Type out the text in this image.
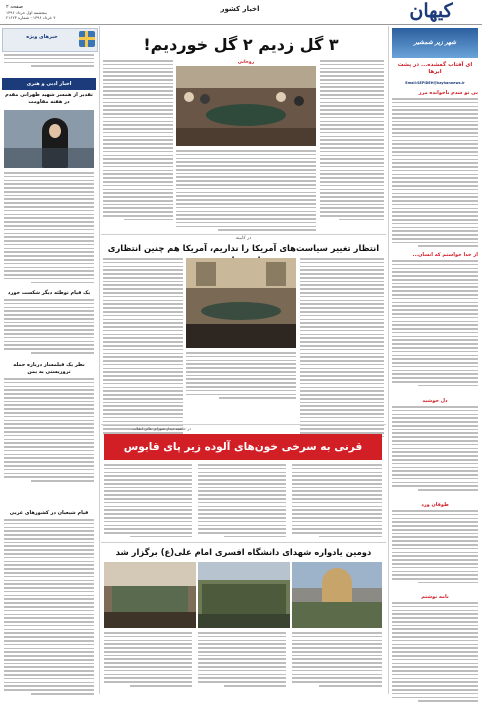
صفحه ۲
پنجشنبه اول خرداد ۱۳۹۶
۴ خرداد ۱۳۹۶ - شماره ۲۱۶۲۳
اخبار کشور	کیهان
خبرهای ویژه
اخبار ادبی و هنری
تقدیر از همسر شهید طهرانی مقدم در هفته مقاومت
یک قیام توطئه دیگر شکست خورد
نظر یک فیلمساز درباره حمله تروریستی به یمن
قیام شیعیان در کشورهای عربی
شهر زیر شمشیر
ای آفتاب گمشده... در پشت ابرها
Email:SEPIDEH@kayhannews.ir
بی تو شدم ناخوانده مرز
از خدا خواستم که انسان...
دل خوشید
طوفان ورد
نامه نوشتم
۳ گل زدیم ۲ گل خوردیم!
روحانی
در کابینه
انتظار تغییر سیاست‌های آمریکا را نداریم، آمریکا هم چنین انتظاری
در حاشیه دیدار شورای عالی انقلاب
قرنی به سرخی خون‌های آلوده زیر پای قابوس
دومین یادواره شهدای دانشگاه افسری امام علی(ع) برگزار شد
